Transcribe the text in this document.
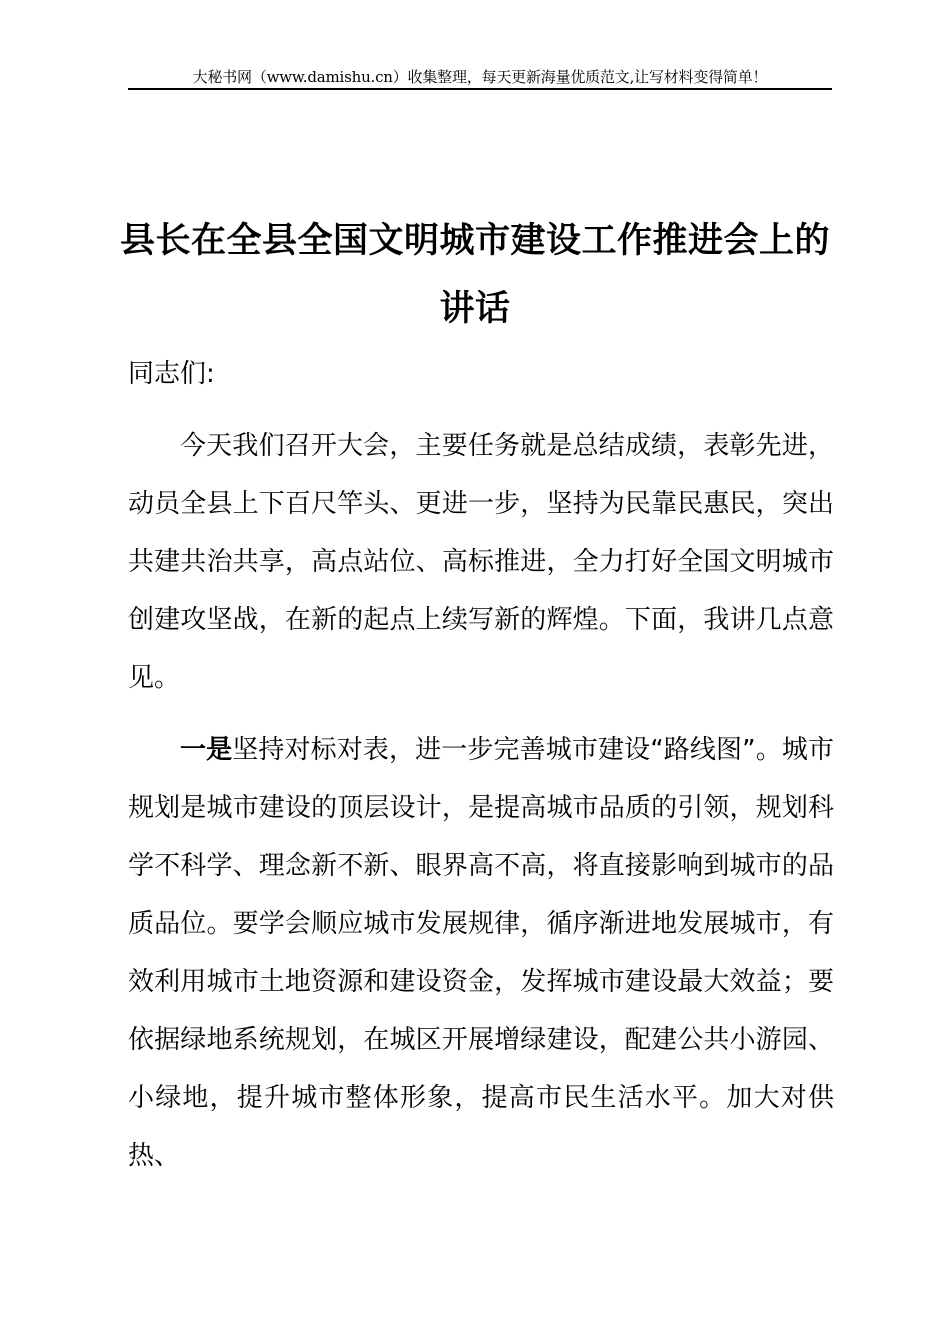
大秘书网（www.damishu.cn）收集整理，每天更新海量优质范文,让写材料变得简单！
县长在全县全国文明城市建设工作推进会上的
讲话

同志们:

今天我们召开大会，主要任务就是总结成绩，表彰先进，动员全县上下百尺竿头、更进一步，坚持为民靠民惠民，突出共建共治共享，高点站位、高标推进，全力打好全国文明城市创建攻坚战，在新的起点上续写新的辉煌。下面，我讲几点意见。

一是坚持对标对表，进一步完善城市建设“路线图”。城市规划是城市建设的顶层设计，是提高城市品质的引领，规划科学不科学、理念新不新、眼界高不高，将直接影响到城市的品质品位。要学会顺应城市发展规律，循序渐进地发展城市，有效利用城市土地资源和建设资金，发挥城市建设最大效益；要依据绿地系统规划，在城区开展增绿建设，配建公共小游园、小绿地，提升城市整体形象，提高市民生活水平。加大对供热、
